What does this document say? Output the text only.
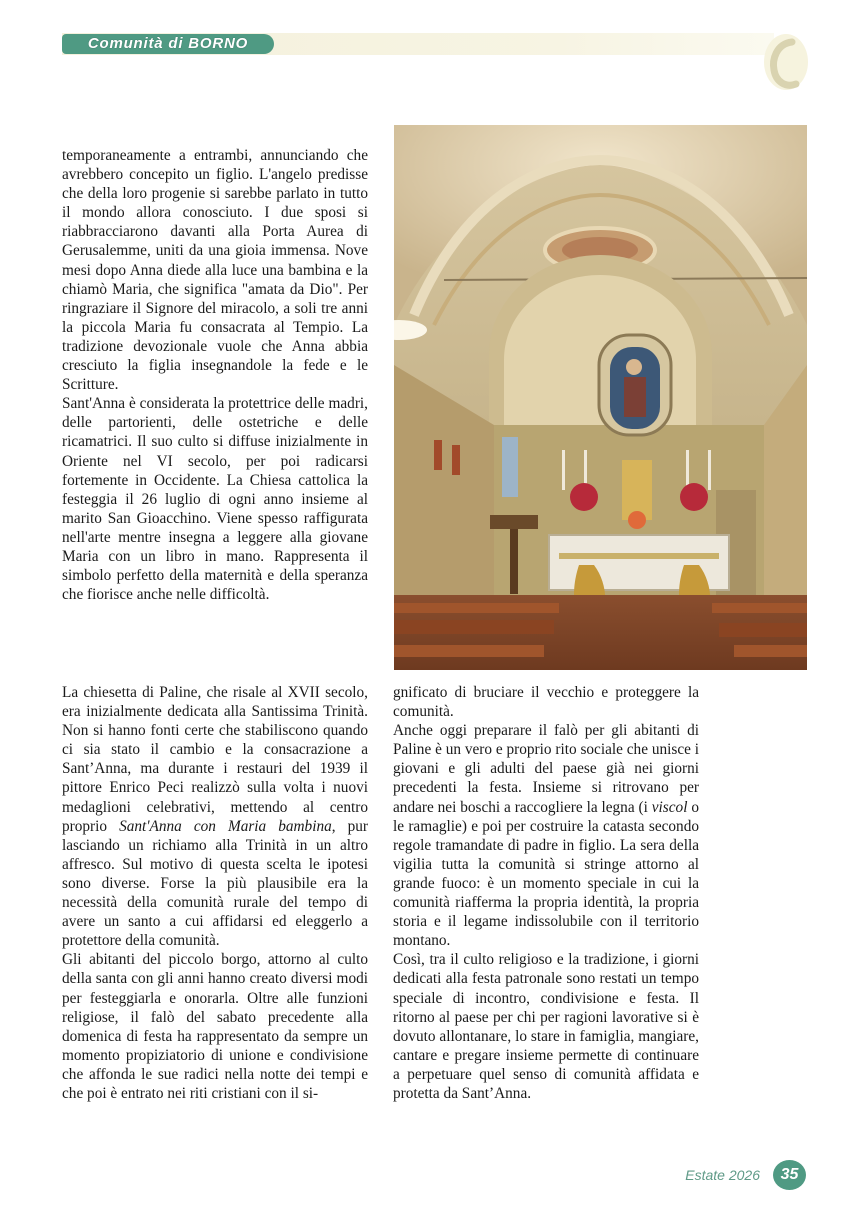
Comunità di BORNO

temporaneamente a entrambi, annunciando che avrebbero concepito un figlio. L'angelo predisse che della loro progenie si sarebbe parlato in tutto il mondo allora conosciuto. I due sposi si riabbracciarono davanti alla Porta Aurea di Gerusalemme, uniti da una gioia immensa. Nove mesi dopo Anna diede alla luce una bambina e la chiamò Maria, che significa "amata da Dio". Per ringraziare il Signore del miracolo, a soli tre anni la piccola Maria fu consacrata al Tempio. La tradizione devozionale vuole che Anna abbia cresciuto la figlia insegnandole la fede e le Scritture.

Sant'Anna è considerata la protettrice delle madri, delle partorienti, delle ostetriche e delle ricamatrici. Il suo culto si diffuse inizialmente in Oriente nel VI secolo, per poi radicarsi fortemente in Occidente. La Chiesa cattolica la festeggia il 26 luglio di ogni anno insieme al marito San Gioacchino. Viene spesso raffigurata nell'arte mentre insegna a leggere alla giovane Maria con un libro in mano. Rappresenta il simbolo perfetto della maternità e della speranza che fiorisce anche nelle difficoltà.

La chiesetta di Paline, che risale al XVII secolo, era inizialmente dedicata alla Santissima Trinità. Non si hanno fonti certe che stabiliscono quando ci sia stato il cambio e la consacrazione a Sant’Anna, ma durante i restauri del 1939 il pittore Enrico Peci realizzò sulla volta i nuovi medaglioni celebrativi, mettendo al centro proprio Sant'Anna con Maria bambina, pur lasciando un richiamo alla Trinità in un altro affresco. Sul motivo di questa scelta le ipotesi sono diverse. Forse la più plausibile era la necessità della comunità rurale del tempo di avere un santo a cui affidarsi ed eleggerlo a protettore della comunità.

Gli abitanti del piccolo borgo, attorno al culto della santa con gli anni hanno creato diversi modi per festeggiarla e onorarla. Oltre alle funzioni religiose, il falò del sabato precedente alla domenica di festa ha rappresentato da sempre un momento propiziatorio di unione e condivisione che affonda le sue radici nella notte dei tempi e che poi è entrato nei riti cristiani con il si-

gnificato di bruciare il vecchio e proteggere la comunità.

Anche oggi preparare il falò per gli abitanti di Paline è un vero e proprio rito sociale che unisce i giovani e gli adulti del paese già nei giorni precedenti la festa. Insieme si ritrovano per andare nei boschi a raccogliere la legna (i viscol o le ramaglie) e poi per costruire la catasta secondo regole tramandate di padre in figlio. La sera della vigilia tutta la comunità si stringe attorno al grande fuoco: è un momento speciale in cui la comunità riafferma la propria identità, la propria storia e il legame indissolubile con il territorio montano.

Così, tra il culto religioso e la tradizione, i giorni dedicati alla festa patronale sono restati un tempo speciale di incontro, condivisione e festa. Il ritorno al paese per chi per ragioni lavorative si è dovuto allontanare, lo stare in famiglia, mangiare, cantare e pregare insieme permette di continuare a perpetuare quel senso di comunità affidata e protetta da Sant’Anna.

Estate 2026	35
